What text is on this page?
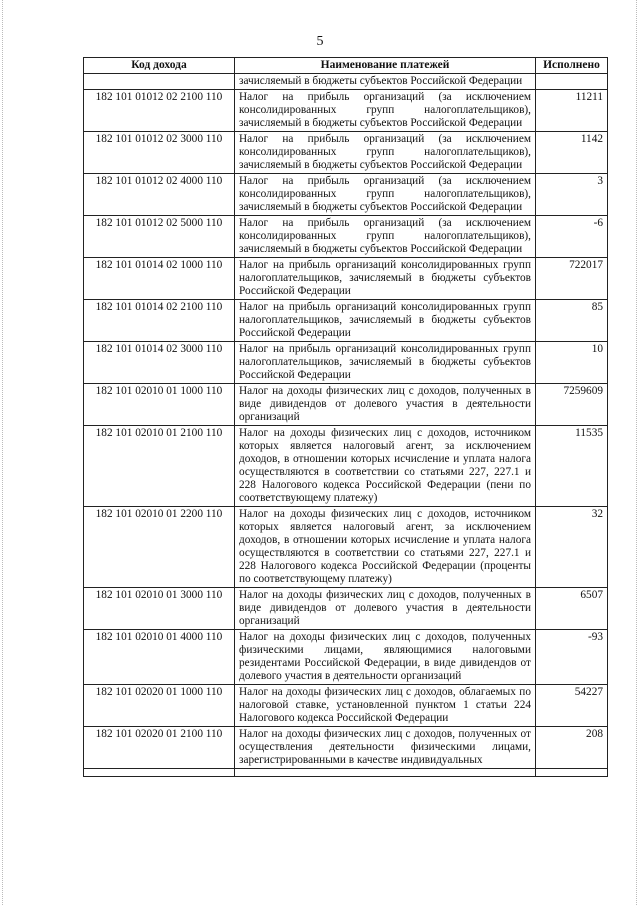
5
Код дохода	Наименование платежей	Исполнено
	зачисляемый в бюджеты субъектов Российской Федерации	
182 101 01012 02 2100 110	Налог на прибыль организаций (за исключением консолидированных групп налогоплательщиков), зачисляемый в бюджеты субъектов Российской Федерации	11211
182 101 01012 02 3000 110	Налог на прибыль организаций (за исключением консолидированных групп налогоплательщиков), зачисляемый в бюджеты субъектов Российской Федерации	1142
182 101 01012 02 4000 110	Налог на прибыль организаций (за исключением консолидированных групп налогоплательщиков), зачисляемый в бюджеты субъектов Российской Федерации	3
182 101 01012 02 5000 110	Налог на прибыль организаций (за исключением консолидированных групп налогоплательщиков), зачисляемый в бюджеты субъектов Российской Федерации	-6
182 101 01014 02 1000 110	Налог на прибыль организаций консолидированных групп налогоплательщиков, зачисляемый в бюджеты субъектов Российской Федерации	722017
182 101 01014 02 2100 110	Налог на прибыль организаций консолидированных групп налогоплательщиков, зачисляемый в бюджеты субъектов Российской Федерации	85
182 101 01014 02 3000 110	Налог на прибыль организаций консолидированных групп налогоплательщиков, зачисляемый в бюджеты субъектов Российской Федерации	10
182 101 02010 01 1000 110	Налог на доходы физических лиц с доходов, полученных в виде дивидендов от долевого участия в деятельности организаций	7259609
182 101 02010 01 2100 110	Налог на доходы физических лиц с доходов, источником которых является налоговый агент, за исключением доходов, в отношении которых исчисление и уплата налога осуществляются в соответствии со статьями 227, 227.1 и 228 Налогового кодекса Российской Федерации (пени по соответствующему платежу)	11535
182 101 02010 01 2200 110	Налог на доходы физических лиц с доходов, источником которых является налоговый агент, за исключением доходов, в отношении которых исчисление и уплата налога осуществляются в соответствии со статьями 227, 227.1 и 228 Налогового кодекса Российской Федерации (проценты по соответствующему платежу)	32
182 101 02010 01 3000 110	Налог на доходы физических лиц с доходов, полученных в виде дивидендов от долевого участия в деятельности организаций	6507
182 101 02010 01 4000 110	Налог на доходы физических лиц с доходов, полученных физическими лицами, являющимися налоговыми резидентами Российской Федерации, в виде дивидендов от долевого участия в деятельности организаций	-93
182 101 02020 01 1000 110	Налог на доходы физических лиц с доходов, облагаемых по налоговой ставке, установленной пунктом 1 статьи 224 Налогового кодекса Российской Федерации	54227
182 101 02020 01 2100 110	Налог на доходы физических лиц с доходов, полученных от осуществления деятельности физическими лицами, зарегистрированными в качестве индивидуальных	208
